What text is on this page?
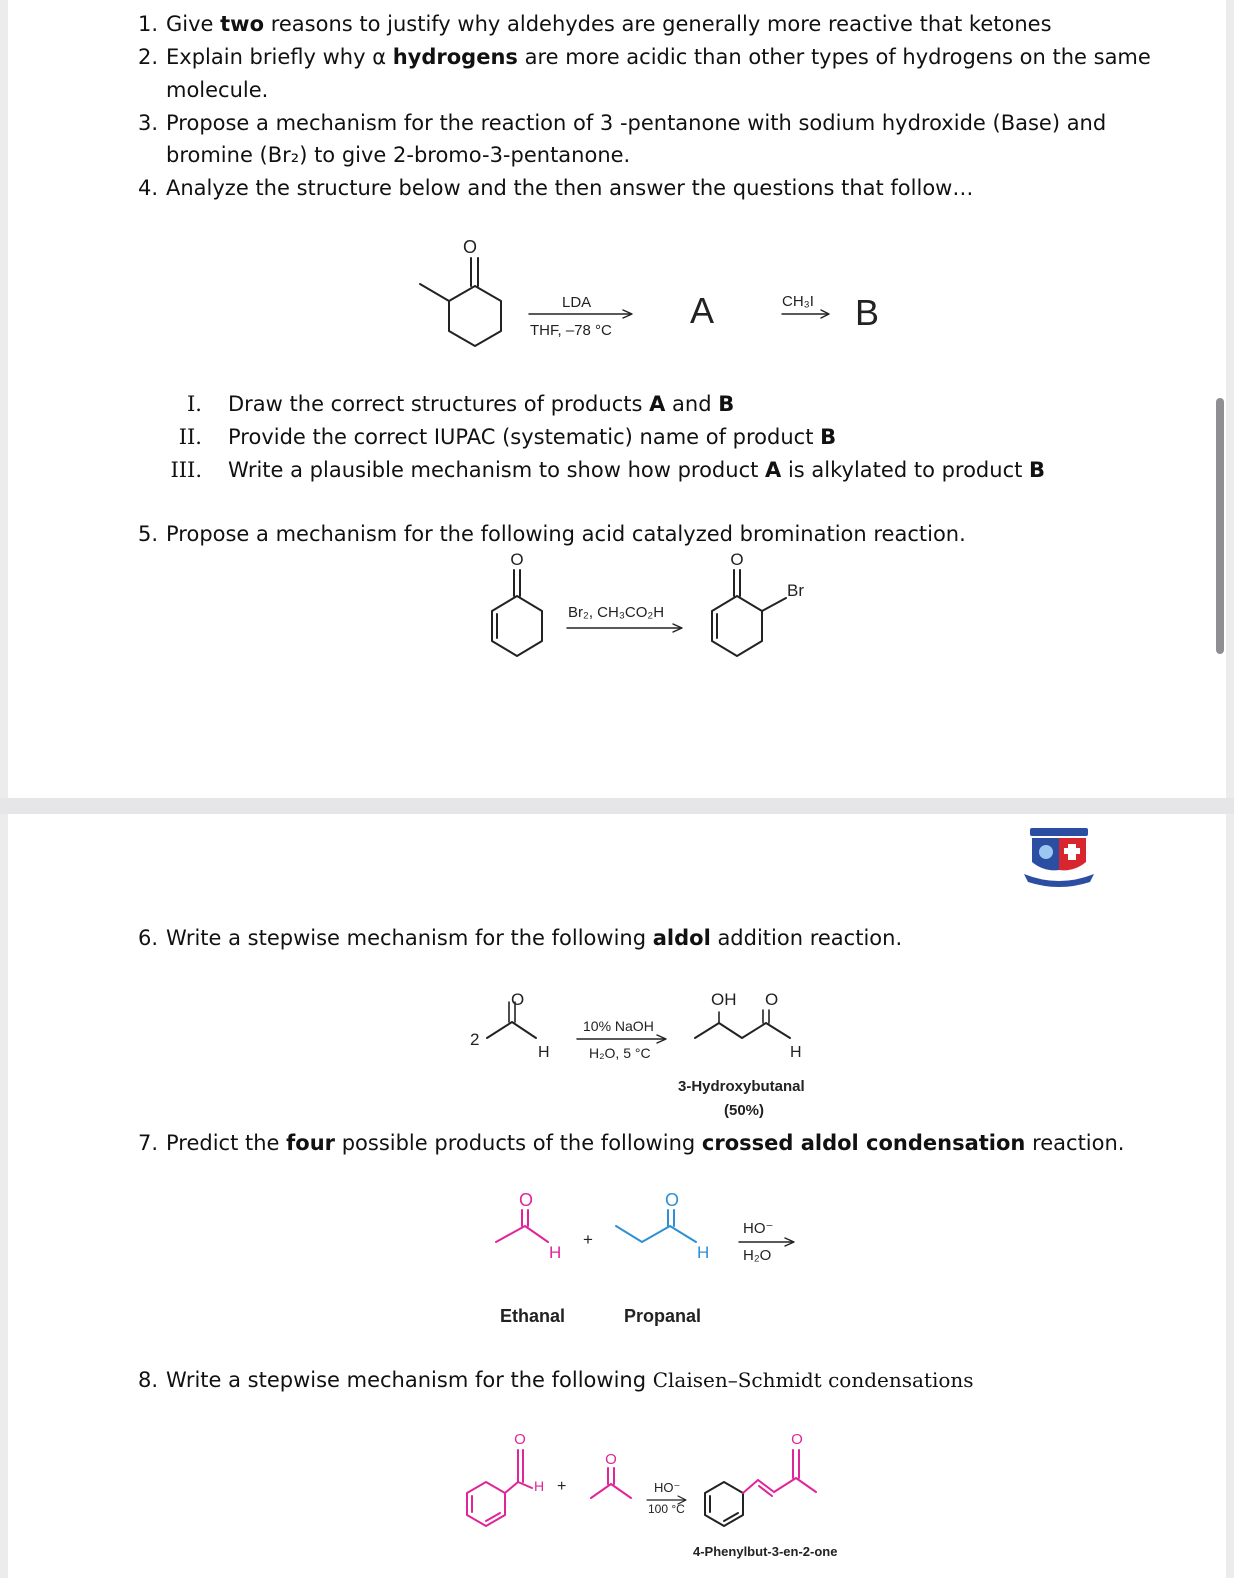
1. Give two reasons to justify why aldehydes are generally more reactive that ketones
2. Explain briefly why α hydrogens are more acidic than other types of hydrogens on the same
molecule.
3. Propose a mechanism for the reaction of 3 -pentanone with sodium hydroxide (Base) and
bromine (Br₂) to give 2-bromo-3-pentanone.
4. Analyze the structure below and the then answer the questions that follow…
O
LDA
THF, –78 °C A	CH₃I → B
I. Draw the correct structures of products A and B
II. Provide the correct IUPAC (systematic) name of product B
III. Write a plausible mechanism to show how product A is alkylated to product B
5. Propose a mechanism for the following acid catalyzed bromination reaction.
O
Br₂, CH₃CO₂H
O
Br
6. Write a stepwise mechanism for the following aldol addition reaction.
2
O
H
10% NaOH
H₂O, 5 °C
OH O
H
3-Hydroxybutanal
(50%)
7. Predict the four possible products of the following crossed aldol condensation reaction.
O
H
+
O
H
HO⁻
H₂O
Ethanal	Propanal
8. Write a stepwise mechanism for the following Claisen–Schmidt condensations
O
H +
O
HO⁻
100 °C
O
4-Phenylbut-3-en-2-one
